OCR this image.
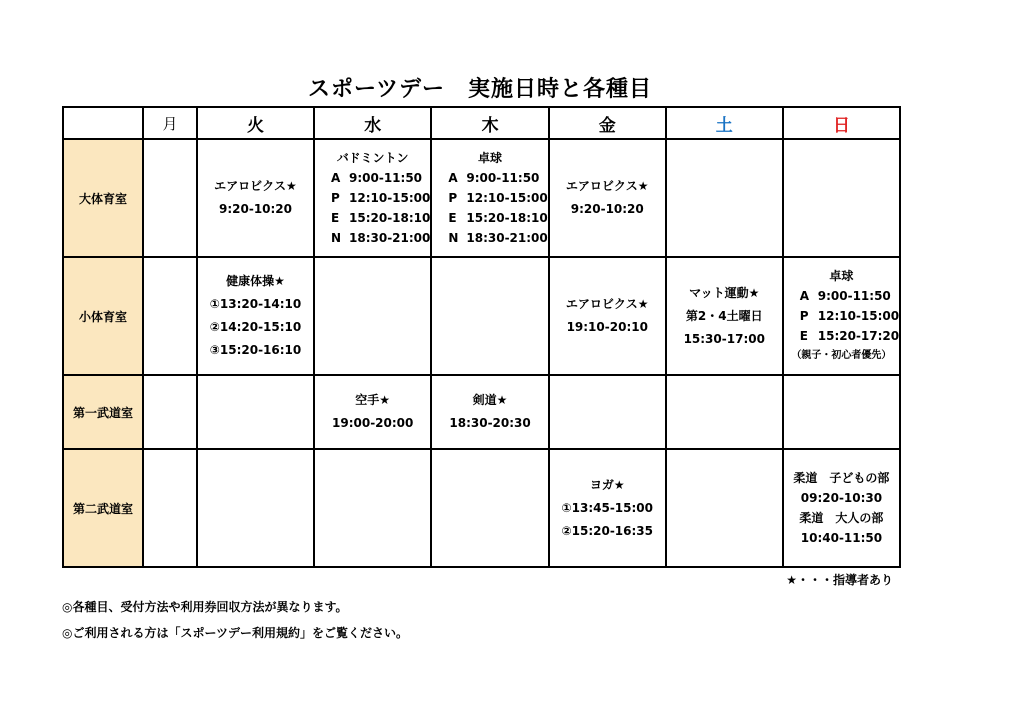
スポーツデー　実施日時と各種目
	月	火	水	木	金	土	日
大体育室		エアロビクス★
9:20-10:20	バドミントン
A 9:00-11:50
P 12:10-15:00
E 15:20-18:10
N 18:30-21:00	卓球
A 9:00-11:50
P 12:10-15:00
E 15:20-18:10
N 18:30-21:00	エアロビクス★
9:20-10:20		

小体育室		健康体操★
①13:20-14:10
②14:20-15:10
③15:20-16:10			エアロビクス★
19:10-20:10	マット運動★
第2・4土曜日
15:30-17:00	卓球
A 9:00-11:50
P 12:10-15:00
E 15:20-17:20
（親子・初心者優先）

第一武道室			空手★
19:00-20:00	剣道★
18:30-20:30			

第二武道室					ヨガ★
①13:45-15:00
②15:20-16:35		柔道　子どもの部
09:20-10:30
柔道　大人の部
10:40-11:50
★・・・指導者あり
◎各種目、受付方法や利用券回収方法が異なります。
◎ご利用される方は「スポーツデー利用規約」をご覧ください。
